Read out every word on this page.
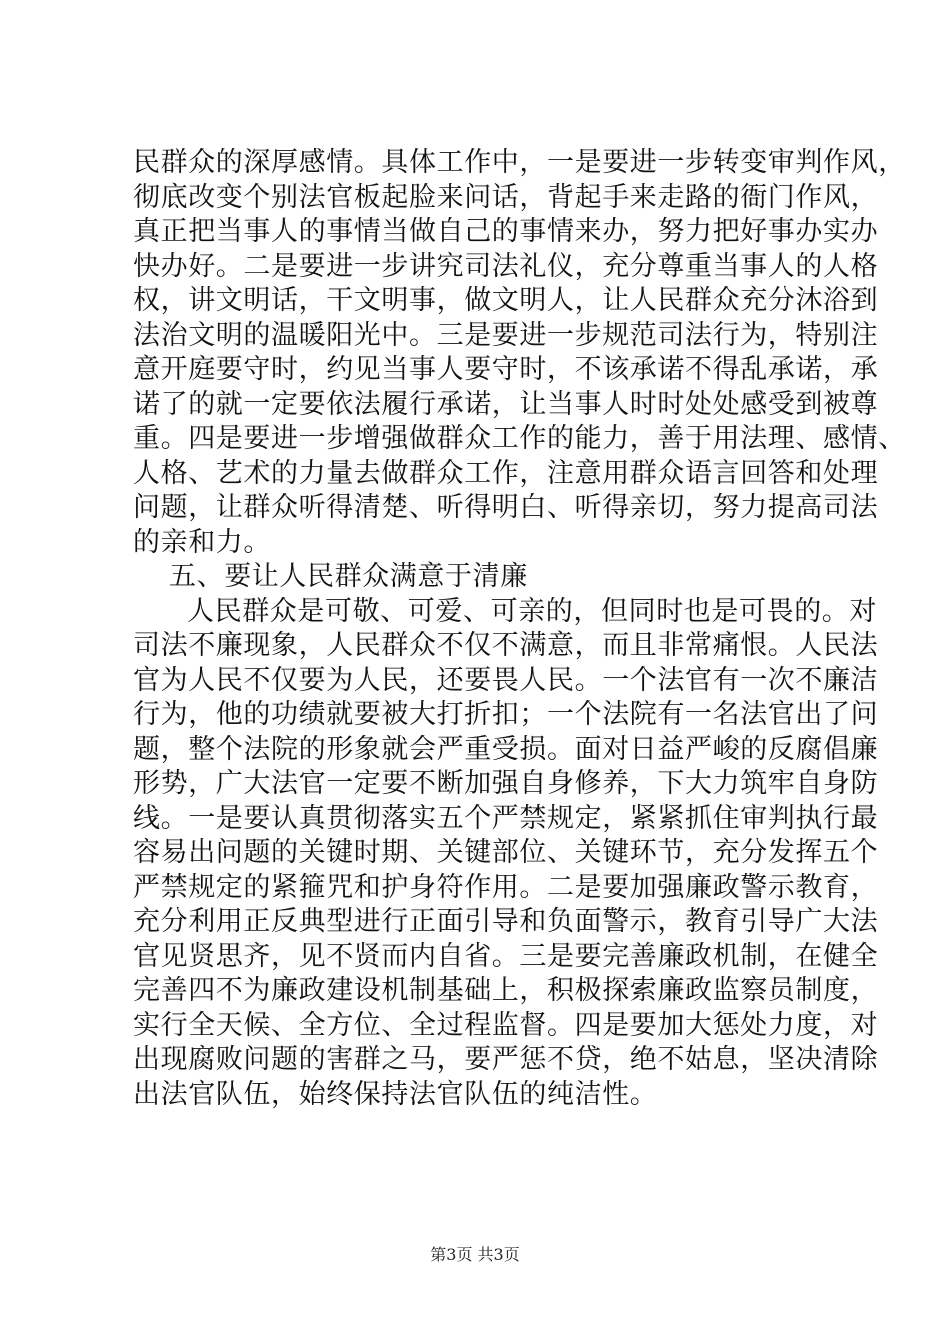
民群众的深厚感情。具体工作中，一是要进一步转变审判作风，
彻底改变个别法官板起脸来问话，背起手来走路的衙门作风，
真正把当事人的事情当做自己的事情来办，努力把好事办实办
快办好。二是要进一步讲究司法礼仪，充分尊重当事人的人格
权，讲文明话，干文明事，做文明人，让人民群众充分沐浴到
法治文明的温暖阳光中。三是要进一步规范司法行为，特别注
意开庭要守时，约见当事人要守时，不该承诺不得乱承诺，承
诺了的就一定要依法履行承诺，让当事人时时处处感受到被尊
重。四是要进一步增强做群众工作的能力，善于用法理、感情、
人格、艺术的力量去做群众工作，注意用群众语言回答和处理
问题，让群众听得清楚、听得明白、听得亲切，努力提高司法
的亲和力。
五、要让人民群众满意于清廉
人民群众是可敬、可爱、可亲的，但同时也是可畏的。对
司法不廉现象，人民群众不仅不满意，而且非常痛恨。人民法
官为人民不仅要为人民，还要畏人民。一个法官有一次不廉洁
行为，他的功绩就要被大打折扣；一个法院有一名法官出了问
题，整个法院的形象就会严重受损。面对日益严峻的反腐倡廉
形势，广大法官一定要不断加强自身修养，下大力筑牢自身防
线。一是要认真贯彻落实五个严禁规定，紧紧抓住审判执行最
容易出问题的关键时期、关键部位、关键环节，充分发挥五个
严禁规定的紧箍咒和护身符作用。二是要加强廉政警示教育，
充分利用正反典型进行正面引导和负面警示，教育引导广大法
官见贤思齐，见不贤而内自省。三是要完善廉政机制，在健全
完善四不为廉政建设机制基础上，积极探索廉政监察员制度，
实行全天候、全方位、全过程监督。四是要加大惩处力度，对
出现腐败问题的害群之马，要严惩不贷，绝不姑息，坚决清除
出法官队伍，始终保持法官队伍的纯洁性。
第3页 共3页
